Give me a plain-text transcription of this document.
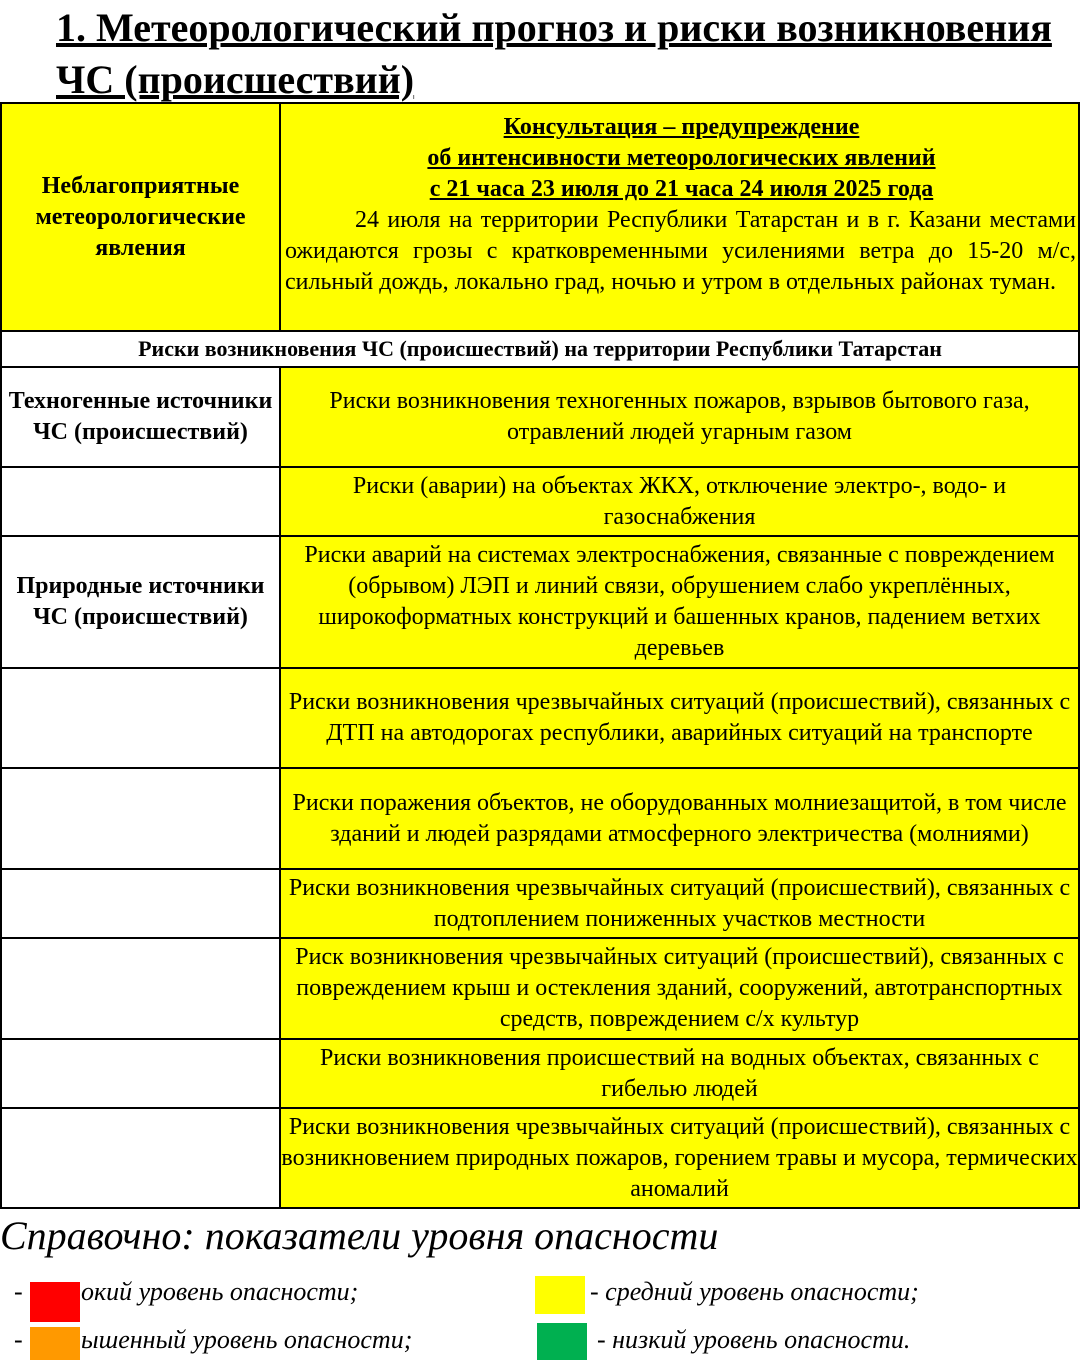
1. Метеорологический прогноз и риски возникновения ЧС (происшествий)
Неблагоприятные метеорологические явления	Консультация – предупреждение
об интенсивности метеорологических явлений
с 21 часа 23 июля до 21 часа 24 июля 2025 года
24 июля на территории Республики Татарстан и в г. Казани местами ожидаются грозы с кратковременными усилениями ветра до 15-20 м/с, сильный дождь, локально град, ночью и утром в отдельных районах туман.

Риски возникновения ЧС (происшествий) на территории Республики Татарстан	
Техногенные источники ЧС (происшествий)	Риски возникновения техногенных пожаров, взрывов бытового газа, отравлений людей угарным газом
	Риски (аварии) на объектах ЖКХ, отключение электро-, водо- и газоснабжения
Природные источники ЧС (происшествий)	Риски аварий на системах электроснабжения, связанные с повреждением (обрывом) ЛЭП и линий связи, обрушением слабо укреплённых, широкоформатных конструкций и башенных кранов, падением ветхих деревьев
	Риски возникновения чрезвычайных ситуаций (происшествий), связанных с ДТП на автодорогах республики, аварийных ситуаций на транспорте
	Риски поражения объектов, не оборудованных молниезащитой, в том числе зданий и людей разрядами атмосферного электричества (молниями)
	Риски возникновения чрезвычайных ситуаций (происшествий), связанных с подтоплением пониженных участков местности
	Риск возникновения чрезвычайных ситуаций (происшествий), связанных с повреждением крыш и остекления зданий, сооружений, автотранспортных средств, повреждением с/х культур
	Риски возникновения происшествий на водных объектах, связанных с гибелью людей
	Риски возникновения чрезвычайных ситуаций (происшествий), связанных с возникновением природных пожаров, горением травы и мусора, термических аномалий
Справочно: показатели уровня опасности
- окий уровень опасности;
- ышенный уровень опасности;
- средний уровень опасности;
- низкий уровень опасности.
